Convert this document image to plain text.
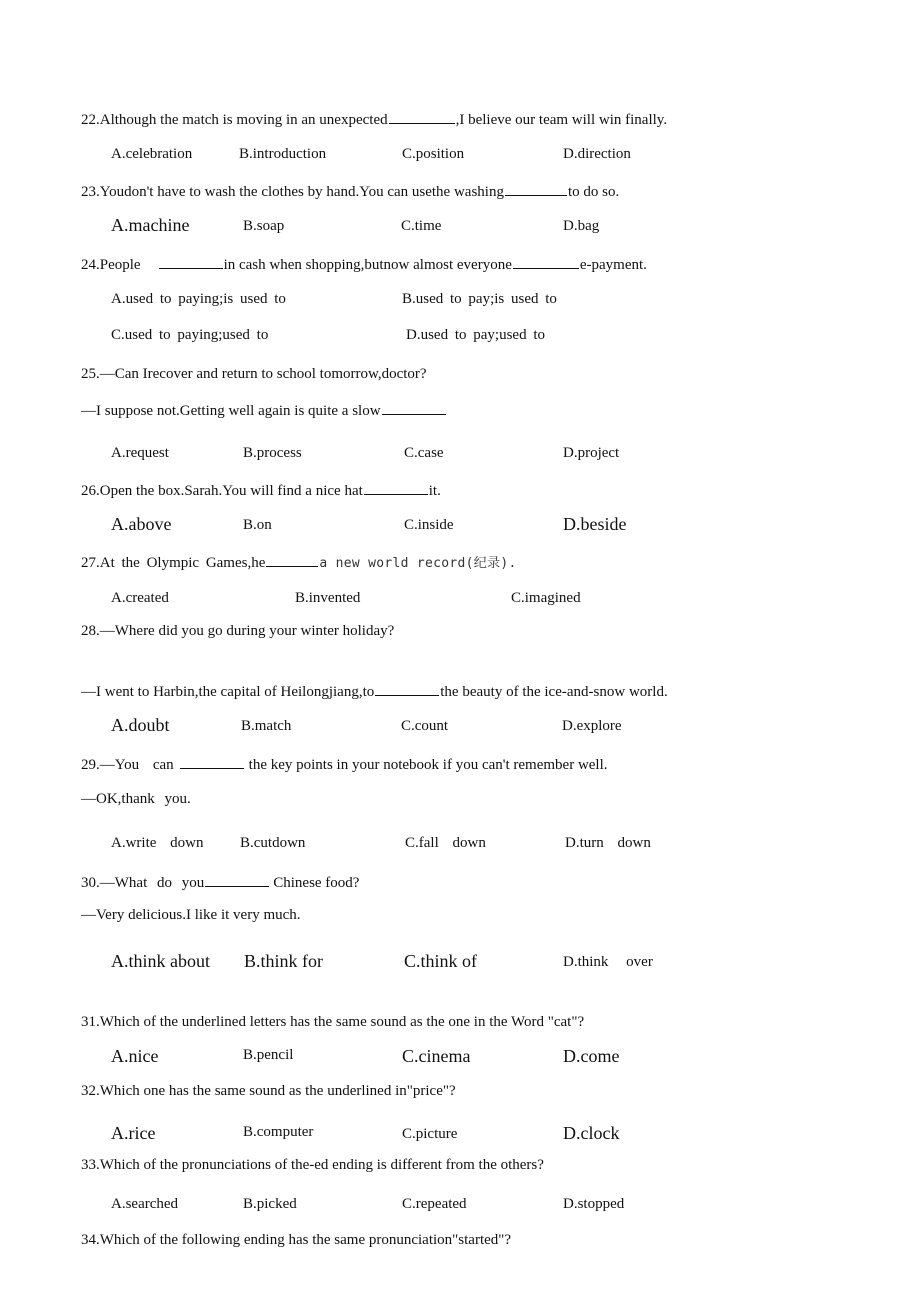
22.Although the match is moving in an unexpected	,I believe our team will win finally.
A.celebration	B.introduction	C.position	D.direction
23.Youdon't have to wash the clothes by hand.You can usethe washing	to do so.
A.machine	B.soap	C.time	D.bag
24.People	in cash when shopping,butnow almost everyone	e-payment.
A.used to paying;is used to	B.used to pay;is used to
C.used to paying;used to	D.used to pay;used to
25.—Can Irecover and return to school tomorrow,doctor?
—I suppose not.Getting well again is quite a slow
A.request	B.process	C.case	D.project
26.Open the box.Sarah.You will find a nice hat	it.
A.above	B.on	C.inside	D.beside
27.At the Olympic Games,he	a new world record(纪录).
A.created	B.invented	C.imagined
28.—Where did you go during your winter holiday?
—I went to Harbin,the capital of Heilongjiang,to	the beauty of the ice-and-snow world.
A.doubt	B.match	C.count	D.explore
29.—You can	the key points in your notebook if you can't remember well.
—OK,thank you.
A.write down B.cutdown	C.fall down	D.turn down
30.—What do you	Chinese food?
—Very delicious.I like it very much.
A.think about B.think for	C.think of	D.think over
31.Which of the underlined letters has the same sound as the one in the Word "cat"?
A.nice	B.pencil	C.cinema	D.come
32.Which one has the same sound as the underlined in"price"?
A.rice	B.computer	C.picture	D.clock
33.Which of the pronunciations of the-ed ending is different from the others?
A.searched	B.picked	C.repeated	D.stopped
34.Which of the following ending has the same pronunciation"started"?
